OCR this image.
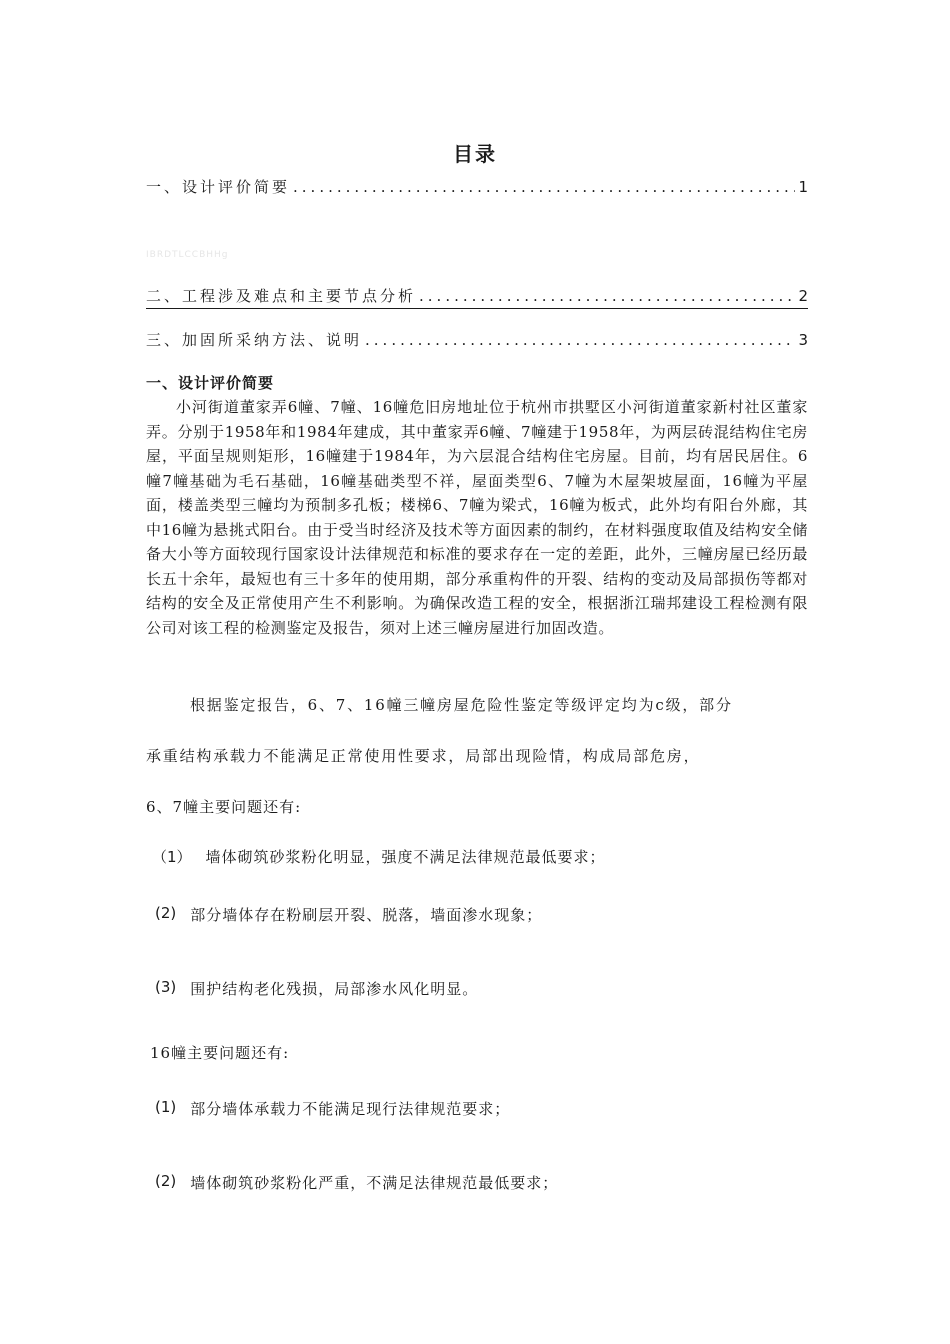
目录
一、设计评价简要 .....	1
IBRDTLCCBHHg
二、工程涉及难点和主要节点分析 .....	2
三、加固所采纳方法、说明 .....	3
一、设计评价简要

小河街道董家弄6幢、7幢、16幢危旧房地址位于杭州市拱墅区小河街道董家新村社区董家弄。分别于1958年和1984年建成，其中董家弄6幢、7幢建于1958年，为两层砖混结构住宅房屋，平面呈规则矩形，16幢建于1984年，为六层混合结构住宅房屋。目前，均有居民居住。6幢7幢基础为毛石基础，16幢基础类型不祥，屋面类型6、7幢为木屋架坡屋面，16幢为平屋面，楼盖类型三幢均为预制多孔板；楼梯6、7幢为梁式，16幢为板式，此外均有阳台外廊，其中16幢为悬挑式阳台。由于受当时经济及技术等方面因素的制约，在材料强度取值及结构安全储备大小等方面较现行国家设计法律规范和标准的要求存在一定的差距，此外，三幢房屋已经历最长五十余年，最短也有三十多年的使用期，部分承重构件的开裂、结构的变动及局部损伤等都对结构的安全及正常使用产生不利影响。为确保改造工程的安全，根据浙江瑞邦建设工程检测有限公司对该工程的检测鉴定及报告，须对上述三幢房屋进行加固改造。

根据鉴定报告，6、7、16幢三幢房屋危险性鉴定等级评定均为c级，部分
承重结构承载力不能满足正常使用性要求，局部出现险情，构成局部危房，
6、7幢主要问题还有:
（1） 墙体砌筑砂浆粉化明显，强度不满足法律规范最低要求；
(2) 部分墙体存在粉刷层开裂、脱落，墙面渗水现象；
(3) 围护结构老化残损，局部渗水风化明显。
16幢主要问题还有:
(1) 部分墙体承载力不能满足现行法律规范要求；
(2) 墙体砌筑砂浆粉化严重，不满足法律规范最低要求；
